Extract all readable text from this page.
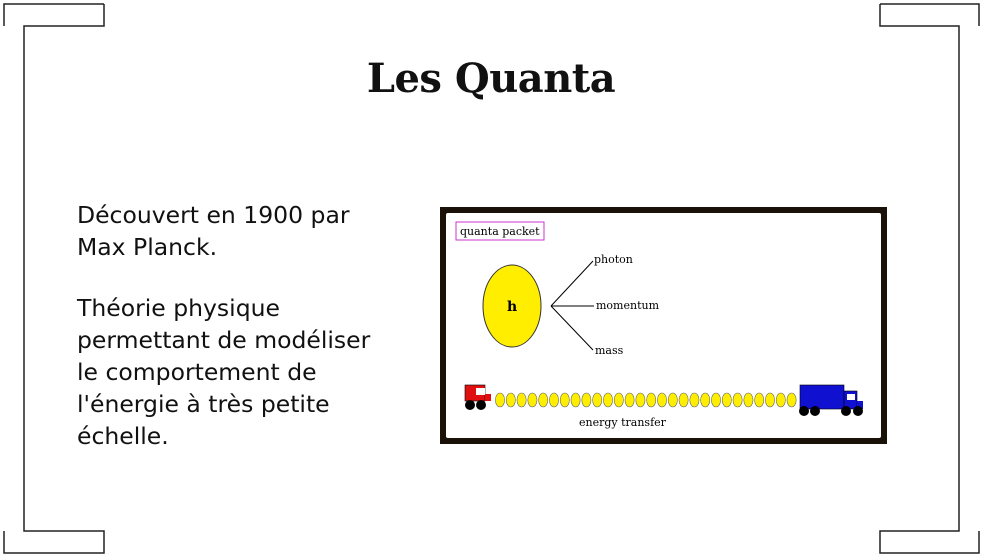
Les Quanta
Découvert en 1900 par
Max Planck.
Théorie physique
permettant de modéliser
le comportement de
l'énergie à très petite
échelle.
quanta packet
h
photon
momentum
mass
energy transfer
